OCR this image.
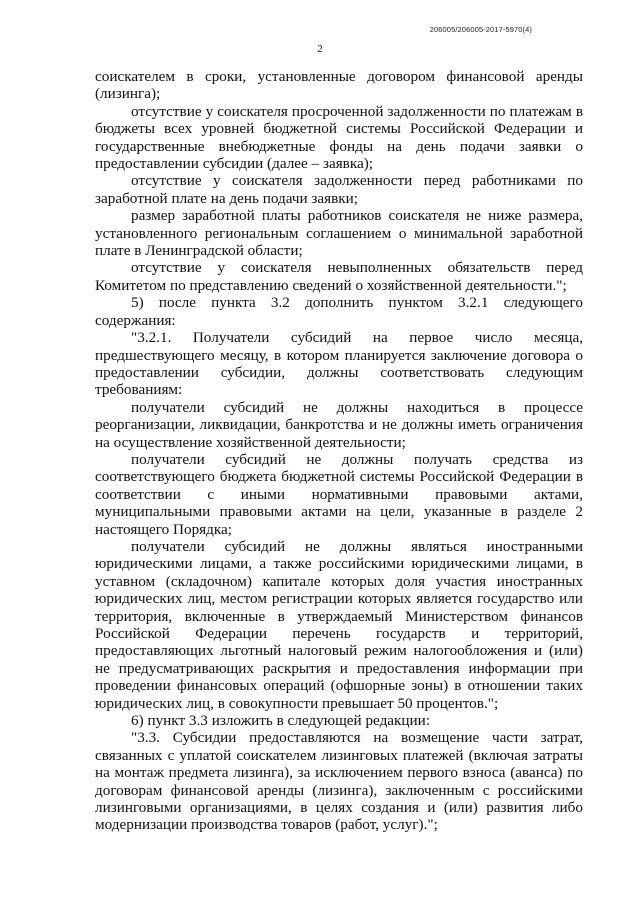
206005/206005-2017-5970(4)
2

соискателем в сроки, установленные договором финансовой аренды (лизинга);

отсутствие у соискателя просроченной задолженности по платежам в бюджеты всех уровней бюджетной системы Российской Федерации и государственные внебюджетные фонды на день подачи заявки о предоставлении субсидии (далее – заявка);

отсутствие у соискателя задолженности перед работниками по заработной плате на день подачи заявки;

размер заработной платы работников соискателя не ниже размера, установленного региональным соглашением о минимальной заработной плате в Ленинградской области;

отсутствие у соискателя невыполненных обязательств перед Комитетом по представлению сведений о хозяйственной деятельности.";

5) после пункта 3.2 дополнить пунктом 3.2.1 следующего содержания:

"3.2.1. Получатели субсидий на первое число месяца, предшествующего месяцу, в котором планируется заключение договора о предоставлении субсидии, должны соответствовать следующим требованиям:

получатели субсидий не должны находиться в процессе реорганизации, ликвидации, банкротства и не должны иметь ограничения на осуществление хозяйственной деятельности;

получатели субсидий не должны получать средства из соответствующего бюджета бюджетной системы Российской Федерации в соответствии с иными нормативными правовыми актами, муниципальными правовыми актами на цели, указанные в разделе 2 настоящего Порядка;

получатели субсидий не должны являться иностранными юридическими лицами, а также российскими юридическими лицами, в уставном (складочном) капитале которых доля участия иностранных юридических лиц, местом регистрации которых является государство или территория, включенные в утверждаемый Министерством финансов Российской Федерации перечень государств и территорий, предоставляющих льготный налоговый режим налогообложения и (или) не предусматривающих раскрытия и предоставления информации при проведении финансовых операций (офшорные зоны) в отношении таких юридических лиц, в совокупности превышает 50 процентов.";

6) пункт 3.3 изложить в следующей редакции:

"3.3. Субсидии предоставляются на возмещение части затрат, связанных с уплатой соискателем лизинговых платежей (включая затраты на монтаж предмета лизинга), за исключением первого взноса (аванса) по договорам финансовой аренды (лизинга), заключенным с российскими лизинговыми организациями, в целях создания и (или) развития либо модернизации производства товаров (работ, услуг).";
